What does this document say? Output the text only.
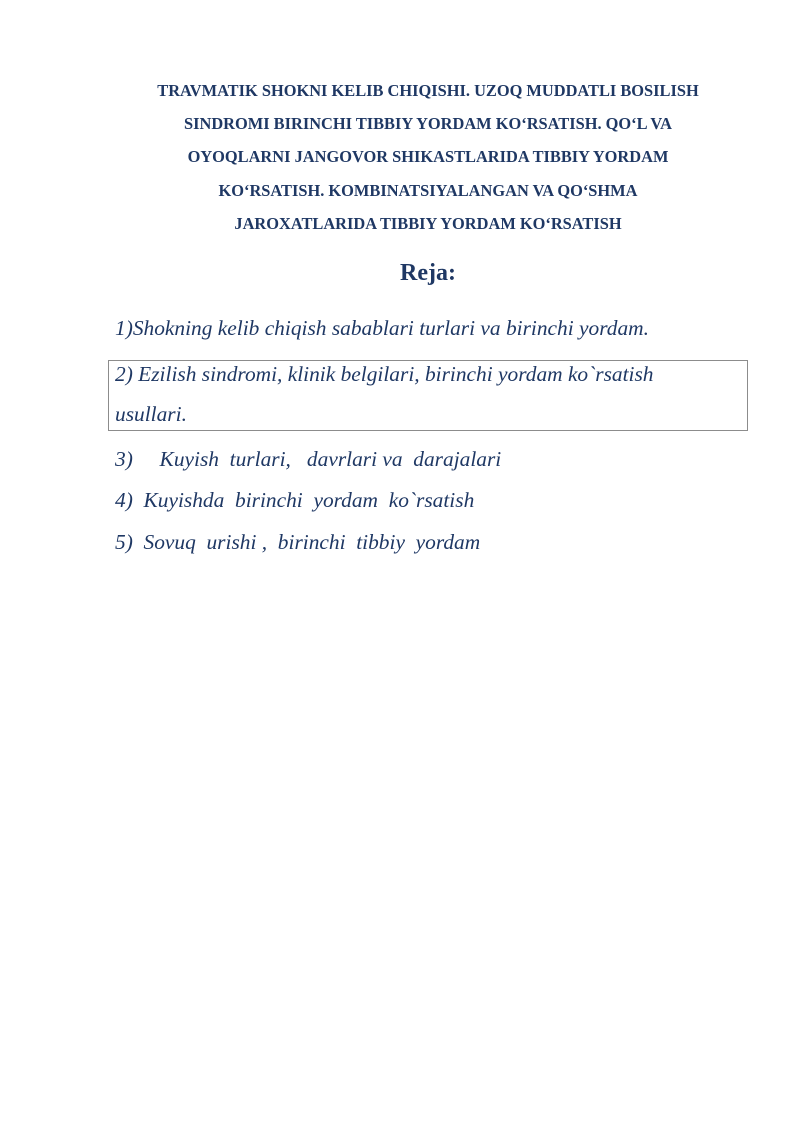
TRAVMATIK SHOKNI KELIB CHIQISHI. UZOQ MUDDATLI BOSILISH
SINDROMI BIRINCHI TIBBIY YORDAM KO‘RSATISH. QO‘L VA
OYOQLARNI JANGOVOR SHIKASTLARIDA TIBBIY YORDAM
KO‘RSATISH. KOMBINATSIYALANGAN VA QO‘SHMA
JAROXATLARIDA TIBBIY YORDAM KO‘RSATISH
Reja:
1)Shokning kelib chiqish sabablari turlari va birinchi yordam.
2) Ezilish sindromi, klinik belgilari, birinchi yordam ko`rsatish
usullari.
3)     Kuyish  turlari,   davrlari va  darajalari
4)  Kuyishda  birinchi  yordam  ko`rsatish
5)  Sovuq  urishi ,  birinchi  tibbiy  yordam
